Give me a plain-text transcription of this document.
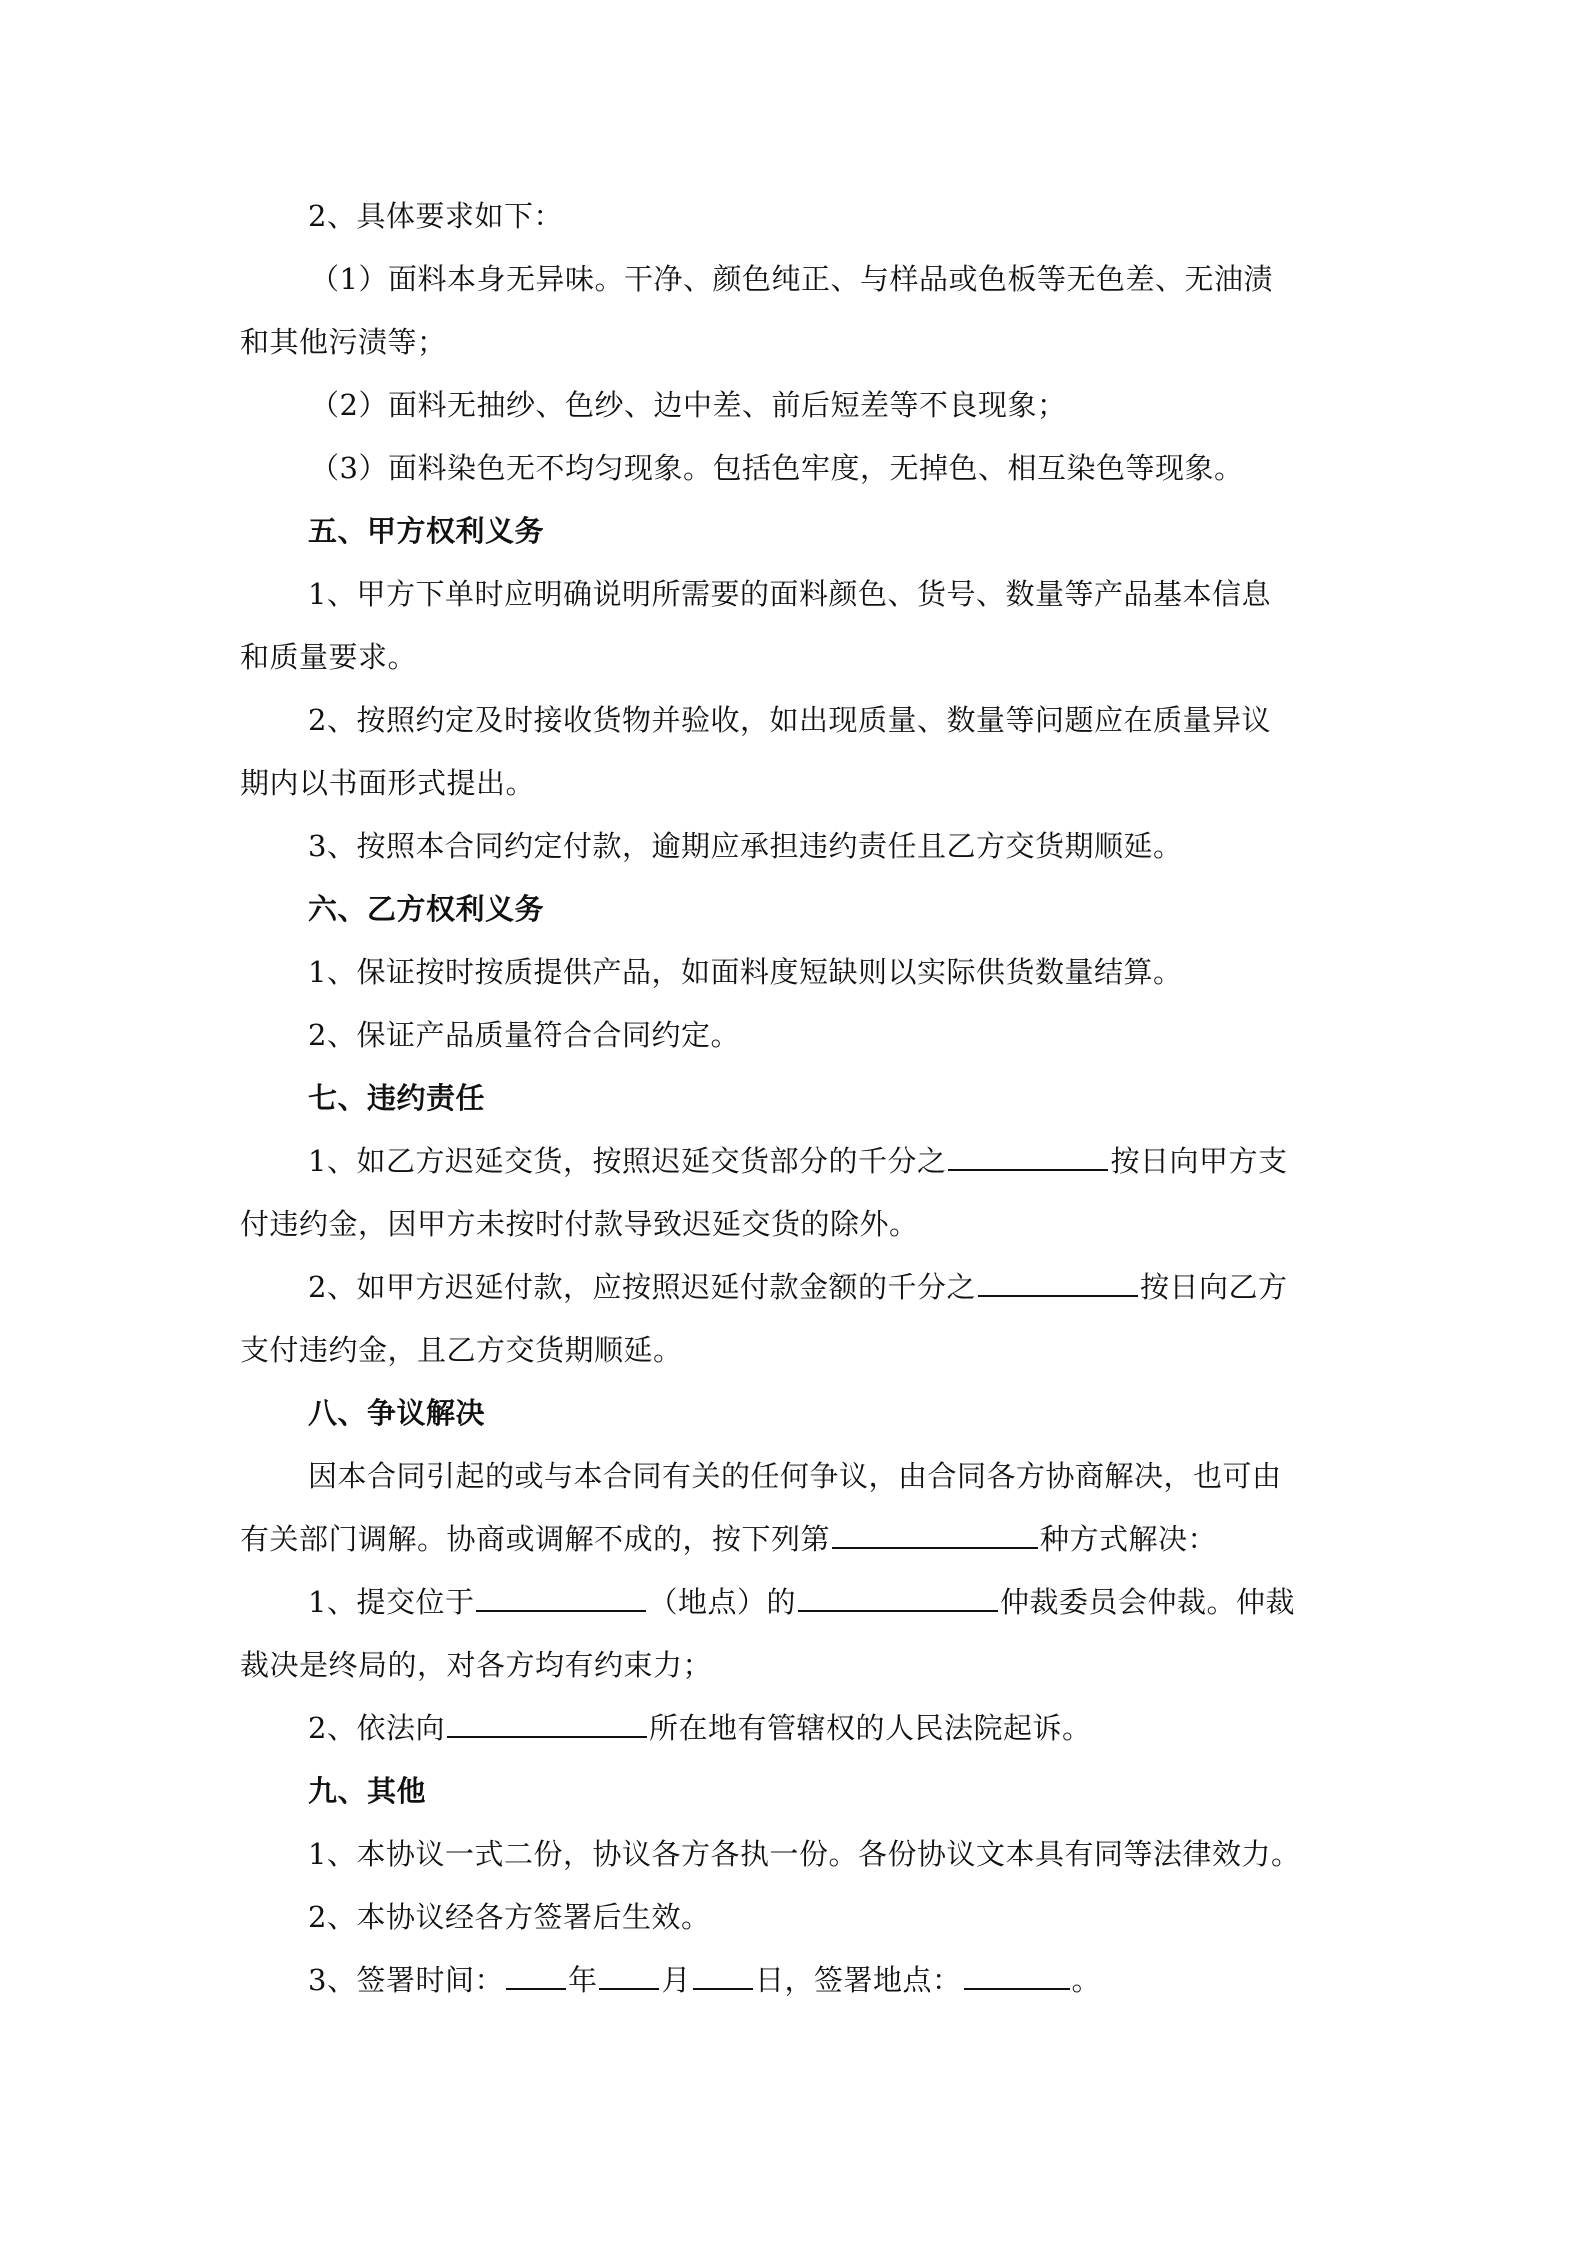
2、具体要求如下：
（1）面料本身无异味。干净、颜色纯正、与样品或色板等无色差、无油渍
和其他污渍等；
（2）面料无抽纱、色纱、边中差、前后短差等不良现象；
（3）面料染色无不均匀现象。包括色牢度，无掉色、相互染色等现象。
五、甲方权利义务
1、甲方下单时应明确说明所需要的面料颜色、货号、数量等产品基本信息
和质量要求。
2、按照约定及时接收货物并验收，如出现质量、数量等问题应在质量异议
期内以书面形式提出。
3、按照本合同约定付款，逾期应承担违约责任且乙方交货期顺延。
六、乙方权利义务
1、保证按时按质提供产品，如面料度短缺则以实际供货数量结算。
2、保证产品质量符合合同约定。
七、违约责任
1、如乙方迟延交货，按照迟延交货部分的千分之	按日向甲方支
付违约金，因甲方未按时付款导致迟延交货的除外。
2、如甲方迟延付款，应按照迟延付款金额的千分之	按日向乙方
支付违约金，且乙方交货期顺延。
八、争议解决
因本合同引起的或与本合同有关的任何争议，由合同各方协商解决，也可由
有关部门调解。协商或调解不成的，按下列第	种方式解决：
1、提交位于	（地点）的	仲裁委员会仲裁。仲裁
裁决是终局的，对各方均有约束力；
2、依法向	所在地有管辖权的人民法院起诉。
九、其他
1、本协议一式二份，协议各方各执一份。各份协议文本具有同等法律效力。
2、本协议经各方签署后生效。
3、签署时间： 年 月 日，签署地点：	。
